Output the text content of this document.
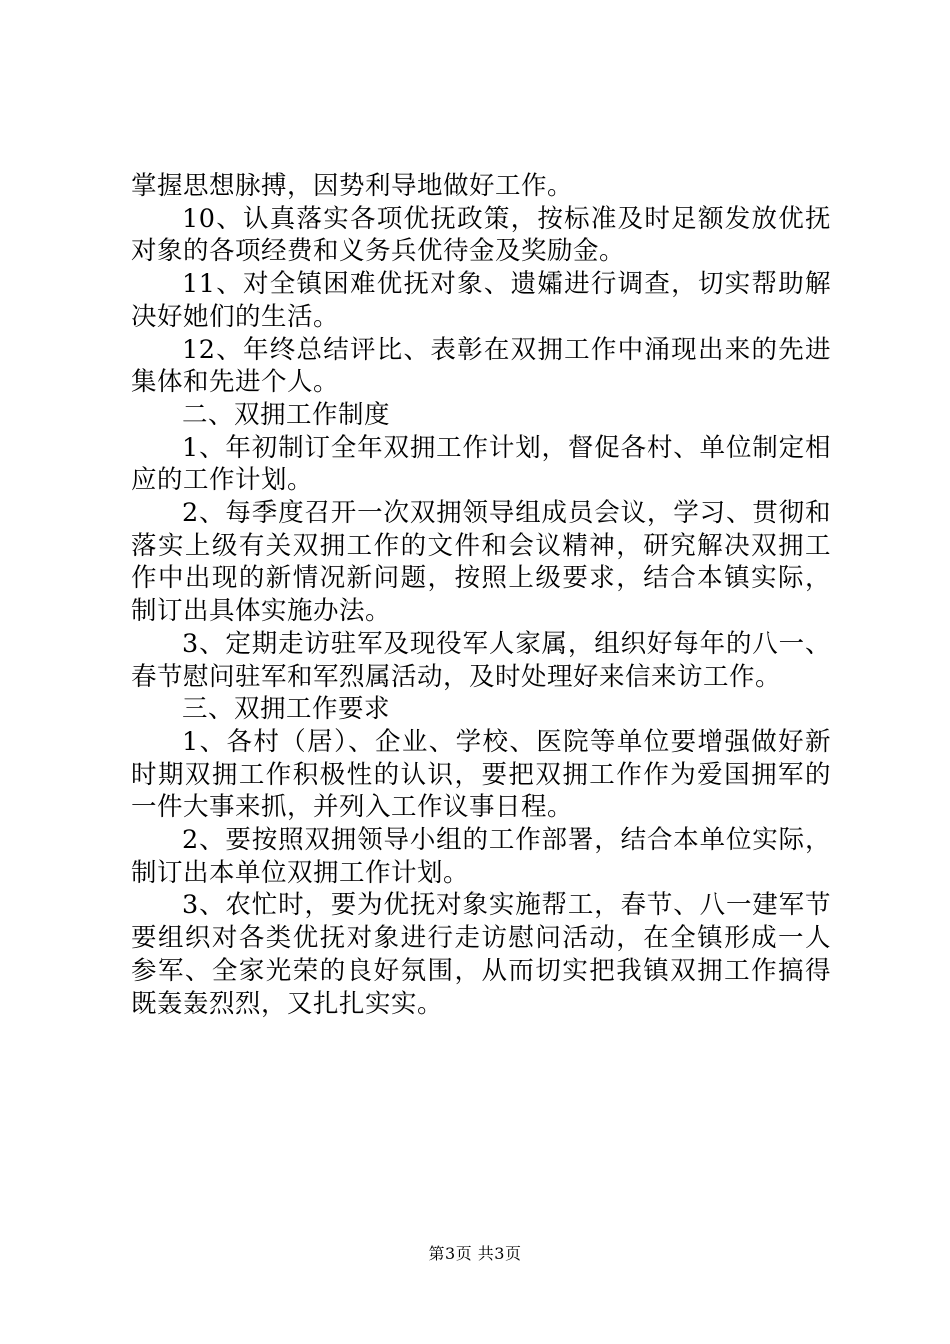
掌握思想脉搏，因势利导地做好工作。

10、认真落实各项优抚政策，按标准及时足额发放优抚对象的各项经费和义务兵优待金及奖励金。

11、对全镇困难优抚对象、遗孀进行调查，切实帮助解决好她们的生活。

12、年终总结评比、表彰在双拥工作中涌现出来的先进集体和先进个人。

二、双拥工作制度

1、年初制订全年双拥工作计划，督促各村、单位制定相应的工作计划。

2、每季度召开一次双拥领导组成员会议，学习、贯彻和落实上级有关双拥工作的文件和会议精神，研究解决双拥工作中出现的新情况新问题，按照上级要求，结合本镇实际，制订出具体实施办法。

3、定期走访驻军及现役军人家属，组织好每年的八一、春节慰问驻军和军烈属活动，及时处理好来信来访工作。

三、双拥工作要求

1、各村（居）、企业、学校、医院等单位要增强做好新时期双拥工作积极性的认识，要把双拥工作作为爱国拥军的一件大事来抓，并列入工作议事日程。

2、要按照双拥领导小组的工作部署，结合本单位实际，制订出本单位双拥工作计划。

3、农忙时，要为优抚对象实施帮工，春节、八一建军节要组织对各类优抚对象进行走访慰问活动，在全镇形成一人参军、全家光荣的良好氛围，从而切实把我镇双拥工作搞得既轰轰烈烈，又扎扎实实。

第3页 共3页
